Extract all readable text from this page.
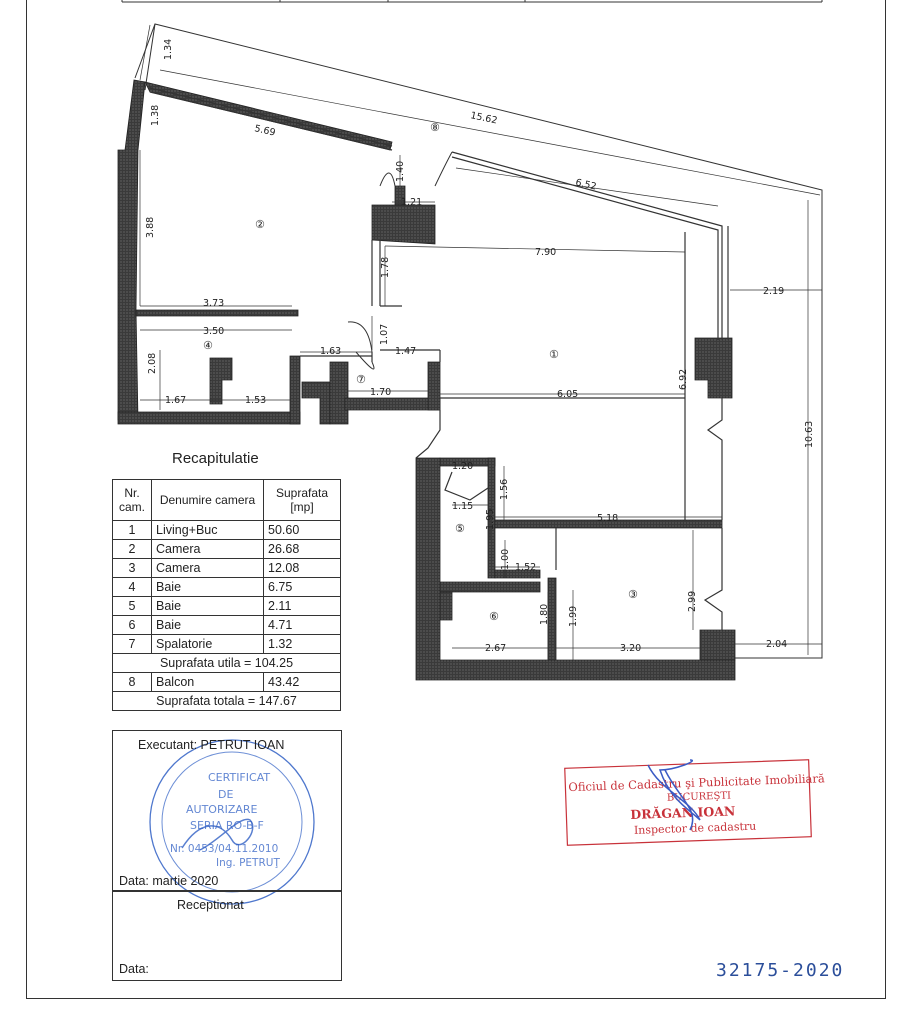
1.34
1.38
5.69
15.62
1.40
1.21
6.52
3.88
7.90
1.78
2.19
3.73
3.50	1.07
1.63	1.47
2.08
1.67	1.53
1.70	6.05
6.92
10.63
1.20
1.15
1.56
1.95	5.18
1.00 1.52
2.99
1.80 1.99
2.67	3.20	2.04
①
②
③
④
⑤
⑥
⑦
⑧
Oficiul de Cadastru şi Publicitate Imobiliară
BUCUREŞTI
DRĂGAN IOAN
Inspector de cadastru
CERTIFICAT
DE
AUTORIZARE
SERIA RO-B-F
Nr. 0453/04.11.2010
Ing. PETRUŢ
Recapitulatie
Nr. cam.	Denumire camera	Suprafata [mp]
1	Living+Buc	50.60
2	Camera	26.68
3	Camera	12.08
4	Baie	6.75
5	Baie	2.11
6	Baie	4.71
7	Spalatorie	1.32
Suprafata utila = 104.25		
8	Balcon	43.42
Suprafata totala = 147.67		
Executant: PETRUT IOAN
Data: martie 2020
Receptionat
Data:	32175-2020
